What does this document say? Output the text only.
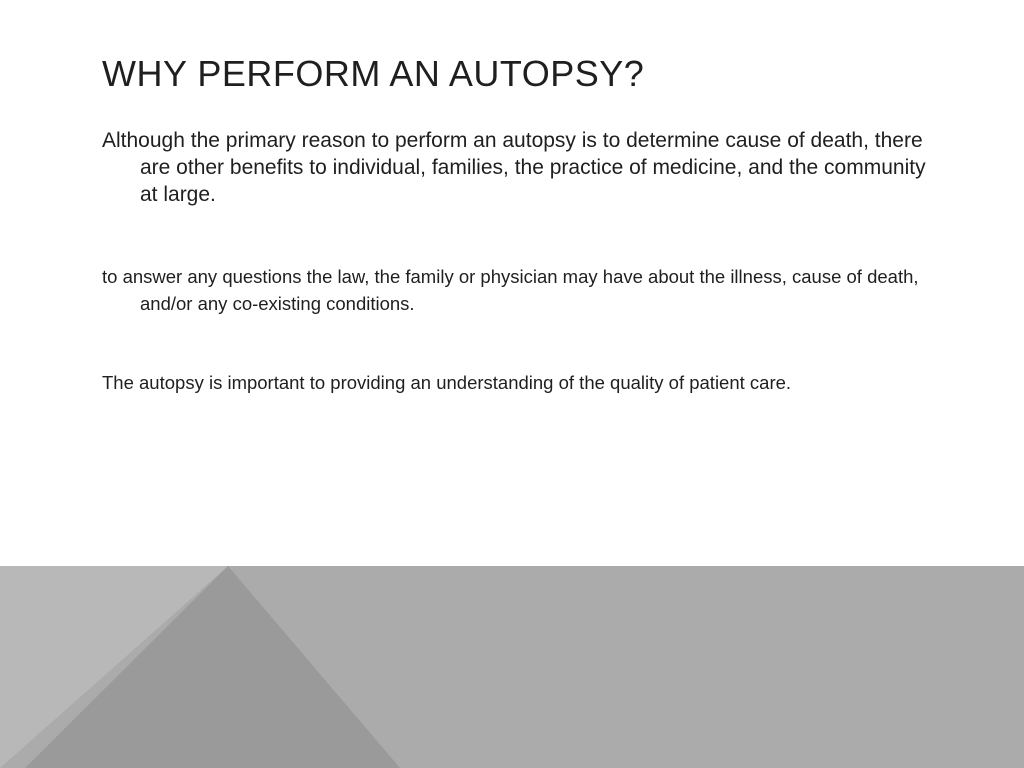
WHY PERFORM AN AUTOPSY?

Although the primary reason to perform an autopsy is to determine cause of death, there are other benefits to individual, families, the practice of medicine, and the community at large.

to answer any questions the law, the family or physician may have about the illness, cause of death, and/or any co-existing conditions.

The autopsy is important to providing an understanding of the quality of patient care.
